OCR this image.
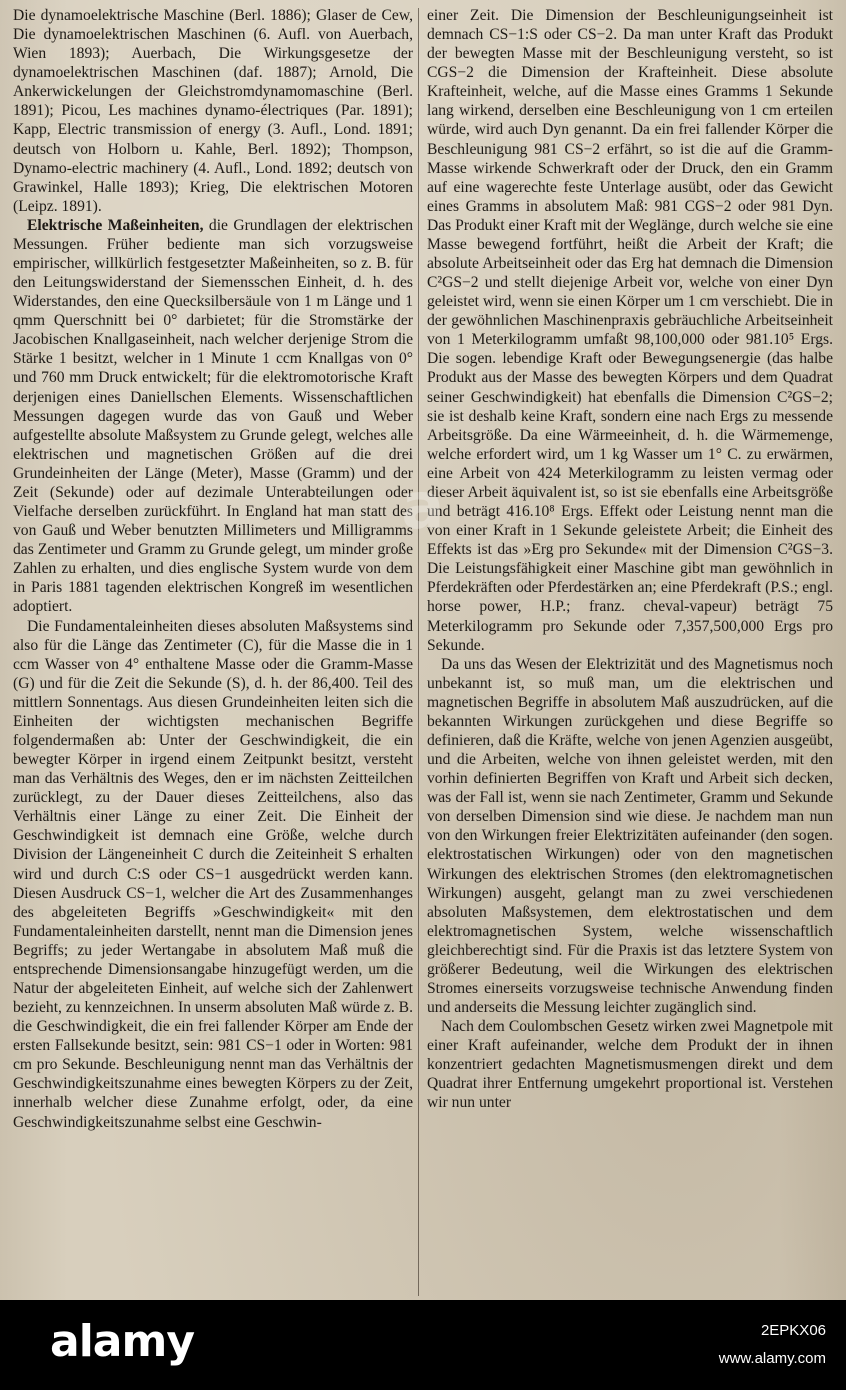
Die dynamoelektrische Maschine (Berl. 1886); Glaser de Cew, Die dynamoelektrischen Maschinen (6. Aufl. von Auerbach, Wien 1893); Auerbach, Die Wirkungsgesetze der dynamoelektrischen Maschinen (daf. 1887); Arnold, Die Ankerwickelungen der Gleichstromdynamomaschine (Berl. 1891); Picou, Les machines dynamo-électriques (Par. 1891); Kapp, Electric transmission of energy (3. Aufl., Lond. 1891; deutsch von Holborn u. Kahle, Berl. 1892); Thompson, Dynamo-electric machinery (4. Aufl., Lond. 1892; deutsch von Grawinkel, Halle 1893); Krieg, Die elektrischen Motoren (Leipz. 1891).

Elektrische Maßeinheiten, die Grundlagen der elektrischen Messungen. Früher bediente man sich vorzugsweise empirischer, willkürlich festgesetzter Maßeinheiten, so z. B. für den Leitungswiderstand der Siemensschen Einheit, d. h. des Widerstandes, den eine Quecksilbersäule von 1 m Länge und 1 qmm Querschnitt bei 0° darbietet; für die Stromstärke der Jacobischen Knallgaseinheit, nach welcher derjenige Strom die Stärke 1 besitzt, welcher in 1 Minute 1 ccm Knallgas von 0° und 760 mm Druck entwickelt; für die elektromotorische Kraft derjenigen eines Daniellschen Elements. Wissenschaftlichen Messungen dagegen wurde das von Gauß und Weber aufgestellte absolute Maßsystem zu Grunde gelegt, welches alle elektrischen und magnetischen Größen auf die drei Grundeinheiten der Länge (Meter), Masse (Gramm) und der Zeit (Sekunde) oder auf dezimale Unterabteilungen oder Vielfache derselben zurückführt. In England hat man statt des von Gauß und Weber benutzten Millimeters und Milligramms das Zentimeter und Gramm zu Grunde gelegt, um minder große Zahlen zu erhalten, und dies englische System wurde von dem in Paris 1881 tagenden elektrischen Kongreß im wesentlichen adoptiert.

Die Fundamentaleinheiten dieses absoluten Maßsystems sind also für die Länge das Zentimeter (C), für die Masse die in 1 ccm Wasser von 4° enthaltene Masse oder die Gramm-Masse (G) und für die Zeit die Sekunde (S), d. h. der 86,400. Teil des mittlern Sonnentags. Aus diesen Grundeinheiten leiten sich die Einheiten der wichtigsten mechanischen Begriffe folgendermaßen ab: Unter der Geschwindigkeit, die ein bewegter Körper in irgend einem Zeitpunkt besitzt, versteht man das Verhältnis des Weges, den er im nächsten Zeitteilchen zurücklegt, zu der Dauer dieses Zeitteilchens, also das Verhältnis einer Länge zu einer Zeit. Die Einheit der Geschwindigkeit ist demnach eine Größe, welche durch Division der Längeneinheit C durch die Zeiteinheit S erhalten wird und durch C:S oder CS−1 ausgedrückt werden kann. Diesen Ausdruck CS−1, welcher die Art des Zusammenhanges des abgeleiteten Begriffs »Geschwindigkeit« mit den Fundamentaleinheiten darstellt, nennt man die Dimension jenes Begriffs; zu jeder Wertangabe in absolutem Maß muß die entsprechende Dimensionsangabe hinzugefügt werden, um die Natur der abgeleiteten Einheit, auf welche sich der Zahlenwert bezieht, zu kennzeichnen. In unserm absoluten Maß würde z. B. die Geschwindigkeit, die ein frei fallender Körper am Ende der ersten Fallsekunde besitzt, sein: 981 CS−1 oder in Worten: 981 cm pro Sekunde. Beschleunigung nennt man das Verhältnis der Geschwindigkeitszunahme eines bewegten Körpers zu der Zeit, innerhalb welcher diese Zunahme erfolgt, oder, da eine Geschwindigkeitszunahme selbst eine Geschwin-

einer Zeit. Die Dimension der Beschleunigungseinheit ist demnach CS−1:S oder CS−2. Da man unter Kraft das Produkt der bewegten Masse mit der Beschleunigung versteht, so ist CGS−2 die Dimension der Krafteinheit. Diese absolute Krafteinheit, welche, auf die Masse eines Gramms 1 Sekunde lang wirkend, derselben eine Beschleunigung von 1 cm erteilen würde, wird auch Dyn genannt. Da ein frei fallender Körper die Beschleunigung 981 CS−2 erfährt, so ist die auf die Gramm-Masse wirkende Schwerkraft oder der Druck, den ein Gramm auf eine wagerechte feste Unterlage ausübt, oder das Gewicht eines Gramms in absolutem Maß: 981 CGS−2 oder 981 Dyn. Das Produkt einer Kraft mit der Weglänge, durch welche sie eine Masse bewegend fortführt, heißt die Arbeit der Kraft; die absolute Arbeitseinheit oder das Erg hat demnach die Dimension C²GS−2 und stellt diejenige Arbeit vor, welche von einer Dyn geleistet wird, wenn sie einen Körper um 1 cm verschiebt. Die in der gewöhnlichen Maschinenpraxis gebräuchliche Arbeitseinheit von 1 Meterkilogramm umfaßt 98,100,000 oder 981.10⁵ Ergs. Die sogen. lebendige Kraft oder Bewegungsenergie (das halbe Produkt aus der Masse des bewegten Körpers und dem Quadrat seiner Geschwindigkeit) hat ebenfalls die Dimension C²GS−2; sie ist deshalb keine Kraft, sondern eine nach Ergs zu messende Arbeitsgröße. Da eine Wärmeeinheit, d. h. die Wärmemenge, welche erfordert wird, um 1 kg Wasser um 1° C. zu erwärmen, eine Arbeit von 424 Meterkilogramm zu leisten vermag oder dieser Arbeit äquivalent ist, so ist sie ebenfalls eine Arbeitsgröße und beträgt 416.10⁸ Ergs. Effekt oder Leistung nennt man die von einer Kraft in 1 Sekunde geleistete Arbeit; die Einheit des Effekts ist das »Erg pro Sekunde« mit der Dimension C²GS−3. Die Leistungsfähigkeit einer Maschine gibt man gewöhnlich in Pferdekräften oder Pferdestärken an; eine Pferdekraft (P.S.; engl. horse power, H.P.; franz. cheval-vapeur) beträgt 75 Meterkilogramm pro Sekunde oder 7,357,500,000 Ergs pro Sekunde.

Da uns das Wesen der Elektrizität und des Magnetismus noch unbekannt ist, so muß man, um die elektrischen und magnetischen Begriffe in absolutem Maß auszudrücken, auf die bekannten Wirkungen zurückgehen und diese Begriffe so definieren, daß die Kräfte, welche von jenen Agenzien ausgeübt, und die Arbeiten, welche von ihnen geleistet werden, mit den vorhin definierten Begriffen von Kraft und Arbeit sich decken, was der Fall ist, wenn sie nach Zentimeter, Gramm und Sekunde von derselben Dimension sind wie diese. Je nachdem man nun von den Wirkungen freier Elektrizitäten aufeinander (den sogen. elektrostatischen Wirkungen) oder von den magnetischen Wirkungen des elektrischen Stromes (den elektromagnetischen Wirkungen) ausgeht, gelangt man zu zwei verschiedenen absoluten Maßsystemen, dem elektrostatischen und dem elektromagnetischen System, welche wissenschaftlich gleichberechtigt sind. Für die Praxis ist das letztere System von größerer Bedeutung, weil die Wirkungen des elektrischen Stromes einerseits vorzugsweise technische Anwendung finden und anderseits die Messung leichter zugänglich sind.

Nach dem Coulombschen Gesetz wirken zwei Magnetpole mit einer Kraft aufeinander, welche dem Produkt der in ihnen konzentriert gedachten Magnetismusmengen direkt und dem Quadrat ihrer Entfernung umgekehrt proportional ist. Verstehen wir nun unter

a
alamy	2EPKX06
www.alamy.com
